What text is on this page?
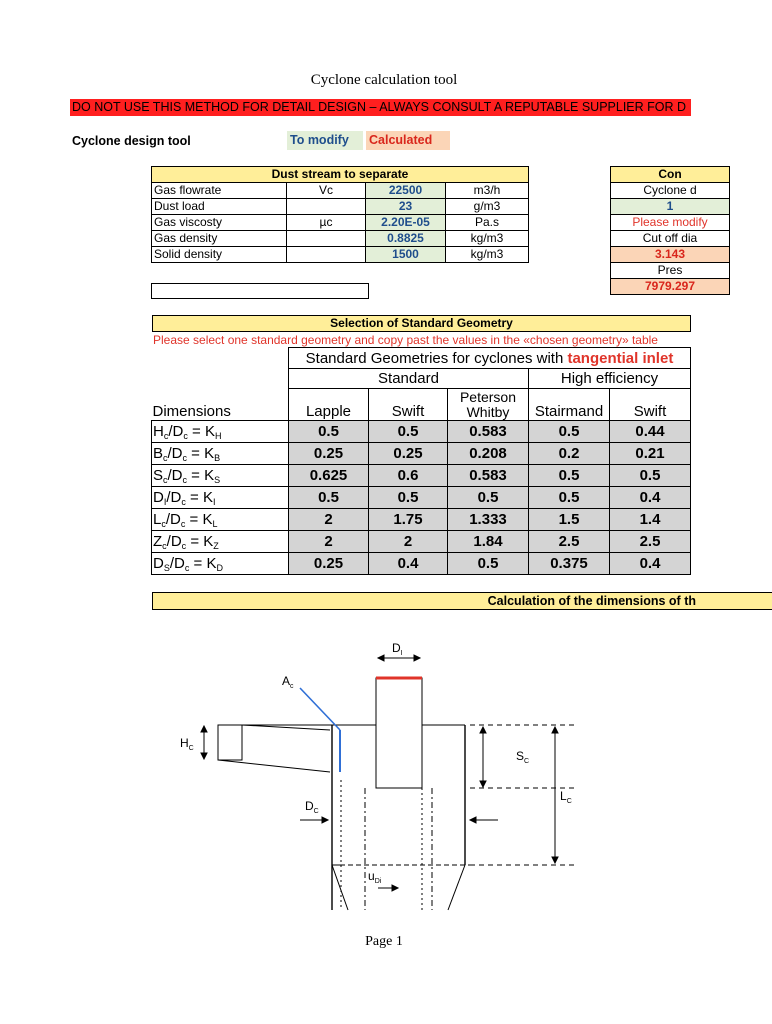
Cyclone calculation tool
DO NOT USE THIS METHOD FOR DETAIL DESIGN – ALWAYS CONSULT A REPUTABLE SUPPLIER FOR D
Cyclone design tool	To modify	Calculated
Dust stream to separate			
Gas flowrate	Vc	22500	m3/h
Dust load		23	g/m3
Gas viscosty	µc	2.20E-05	Pa.s
Gas density		0.8825	kg/m3
Solid density		1500	kg/m3
Con
Cyclone d
1
Please modify
Cut off dia
3.143
Pres
7979.297
Selection of Standard Geometry
Please select one standard geometry and copy past the values in the «chosen geometry» table
	Standard Geometries for cyclones with tangential inlet				
	Standard			High efficiency	
Dimensions	Lapple	Swift	Peterson Whitby	Stairmand	Swift
$H_c/D_c = K_H$	0.5	0.5	0.583	0.5	0.44
$B_c/D_c = K_B$	0.25	0.25	0.208	0.2	0.21
$S_c/D_c = K_S$	0.625	0.6	0.583	0.5	0.5
$D_I/D_c = K_I$	0.5	0.5	0.5	0.5	0.4
$L_c/D_c = K_L$	2	1.75	1.333	1.5	1.4
$Z_c/D_c = K_Z$	2	2	1.84	2.5	2.5
$D_S/D_c = K_D$	0.25	0.4	0.5	0.375	0.4
Calculation of the dimensions of th
$D_I$
$A_c$
$H_C$
$S_C$
$L_C$
$D_C$
$u_{Di}$
Page 1
